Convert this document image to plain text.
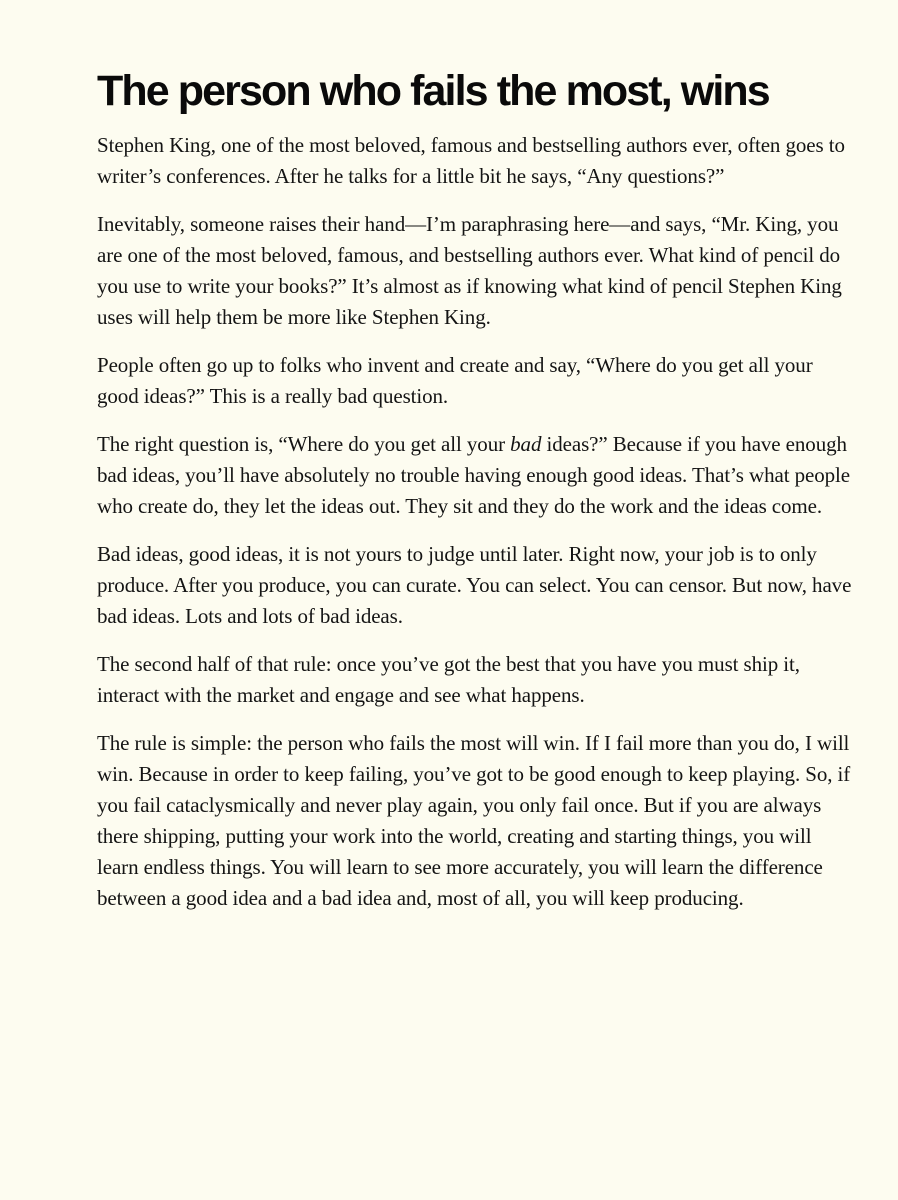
The person who fails the most, wins

Stephen King, one of the most beloved, famous and bestselling authors ever, often goes to writer’s conferences. After he talks for a little bit he says, “Any questions?”

Inevitably, someone raises their hand—I’m paraphrasing here—and says, “Mr. King, you are one of the most beloved, famous, and bestselling authors ever. What kind of pencil do you use to write your books?” It’s almost as if knowing what kind of pencil Stephen King uses will help them be more like Stephen King.

People often go up to folks who invent and create and say, “Where do you get all your good ideas?” This is a really bad question.

The right question is, “Where do you get all your bad ideas?” Because if you have enough bad ideas, you’ll have absolutely no trouble having enough good ideas. That’s what people who create do, they let the ideas out. They sit and they do the work and the ideas come.

Bad ideas, good ideas, it is not yours to judge until later. Right now, your job is to only produce. After you produce, you can curate. You can select. You can censor. But now, have bad ideas. Lots and lots of bad ideas.

The second half of that rule: once you’ve got the best that you have you must ship it, interact with the market and engage and see what happens.

The rule is simple: the person who fails the most will win. If I fail more than you do, I will win. Because in order to keep failing, you’ve got to be good enough to keep playing. So, if you fail cataclysmically and never play again, you only fail once. But if you are always there shipping, putting your work into the world, creating and starting things, you will learn endless things. You will learn to see more accurately, you will learn the difference between a good idea and a bad idea and, most of all, you will keep producing.
